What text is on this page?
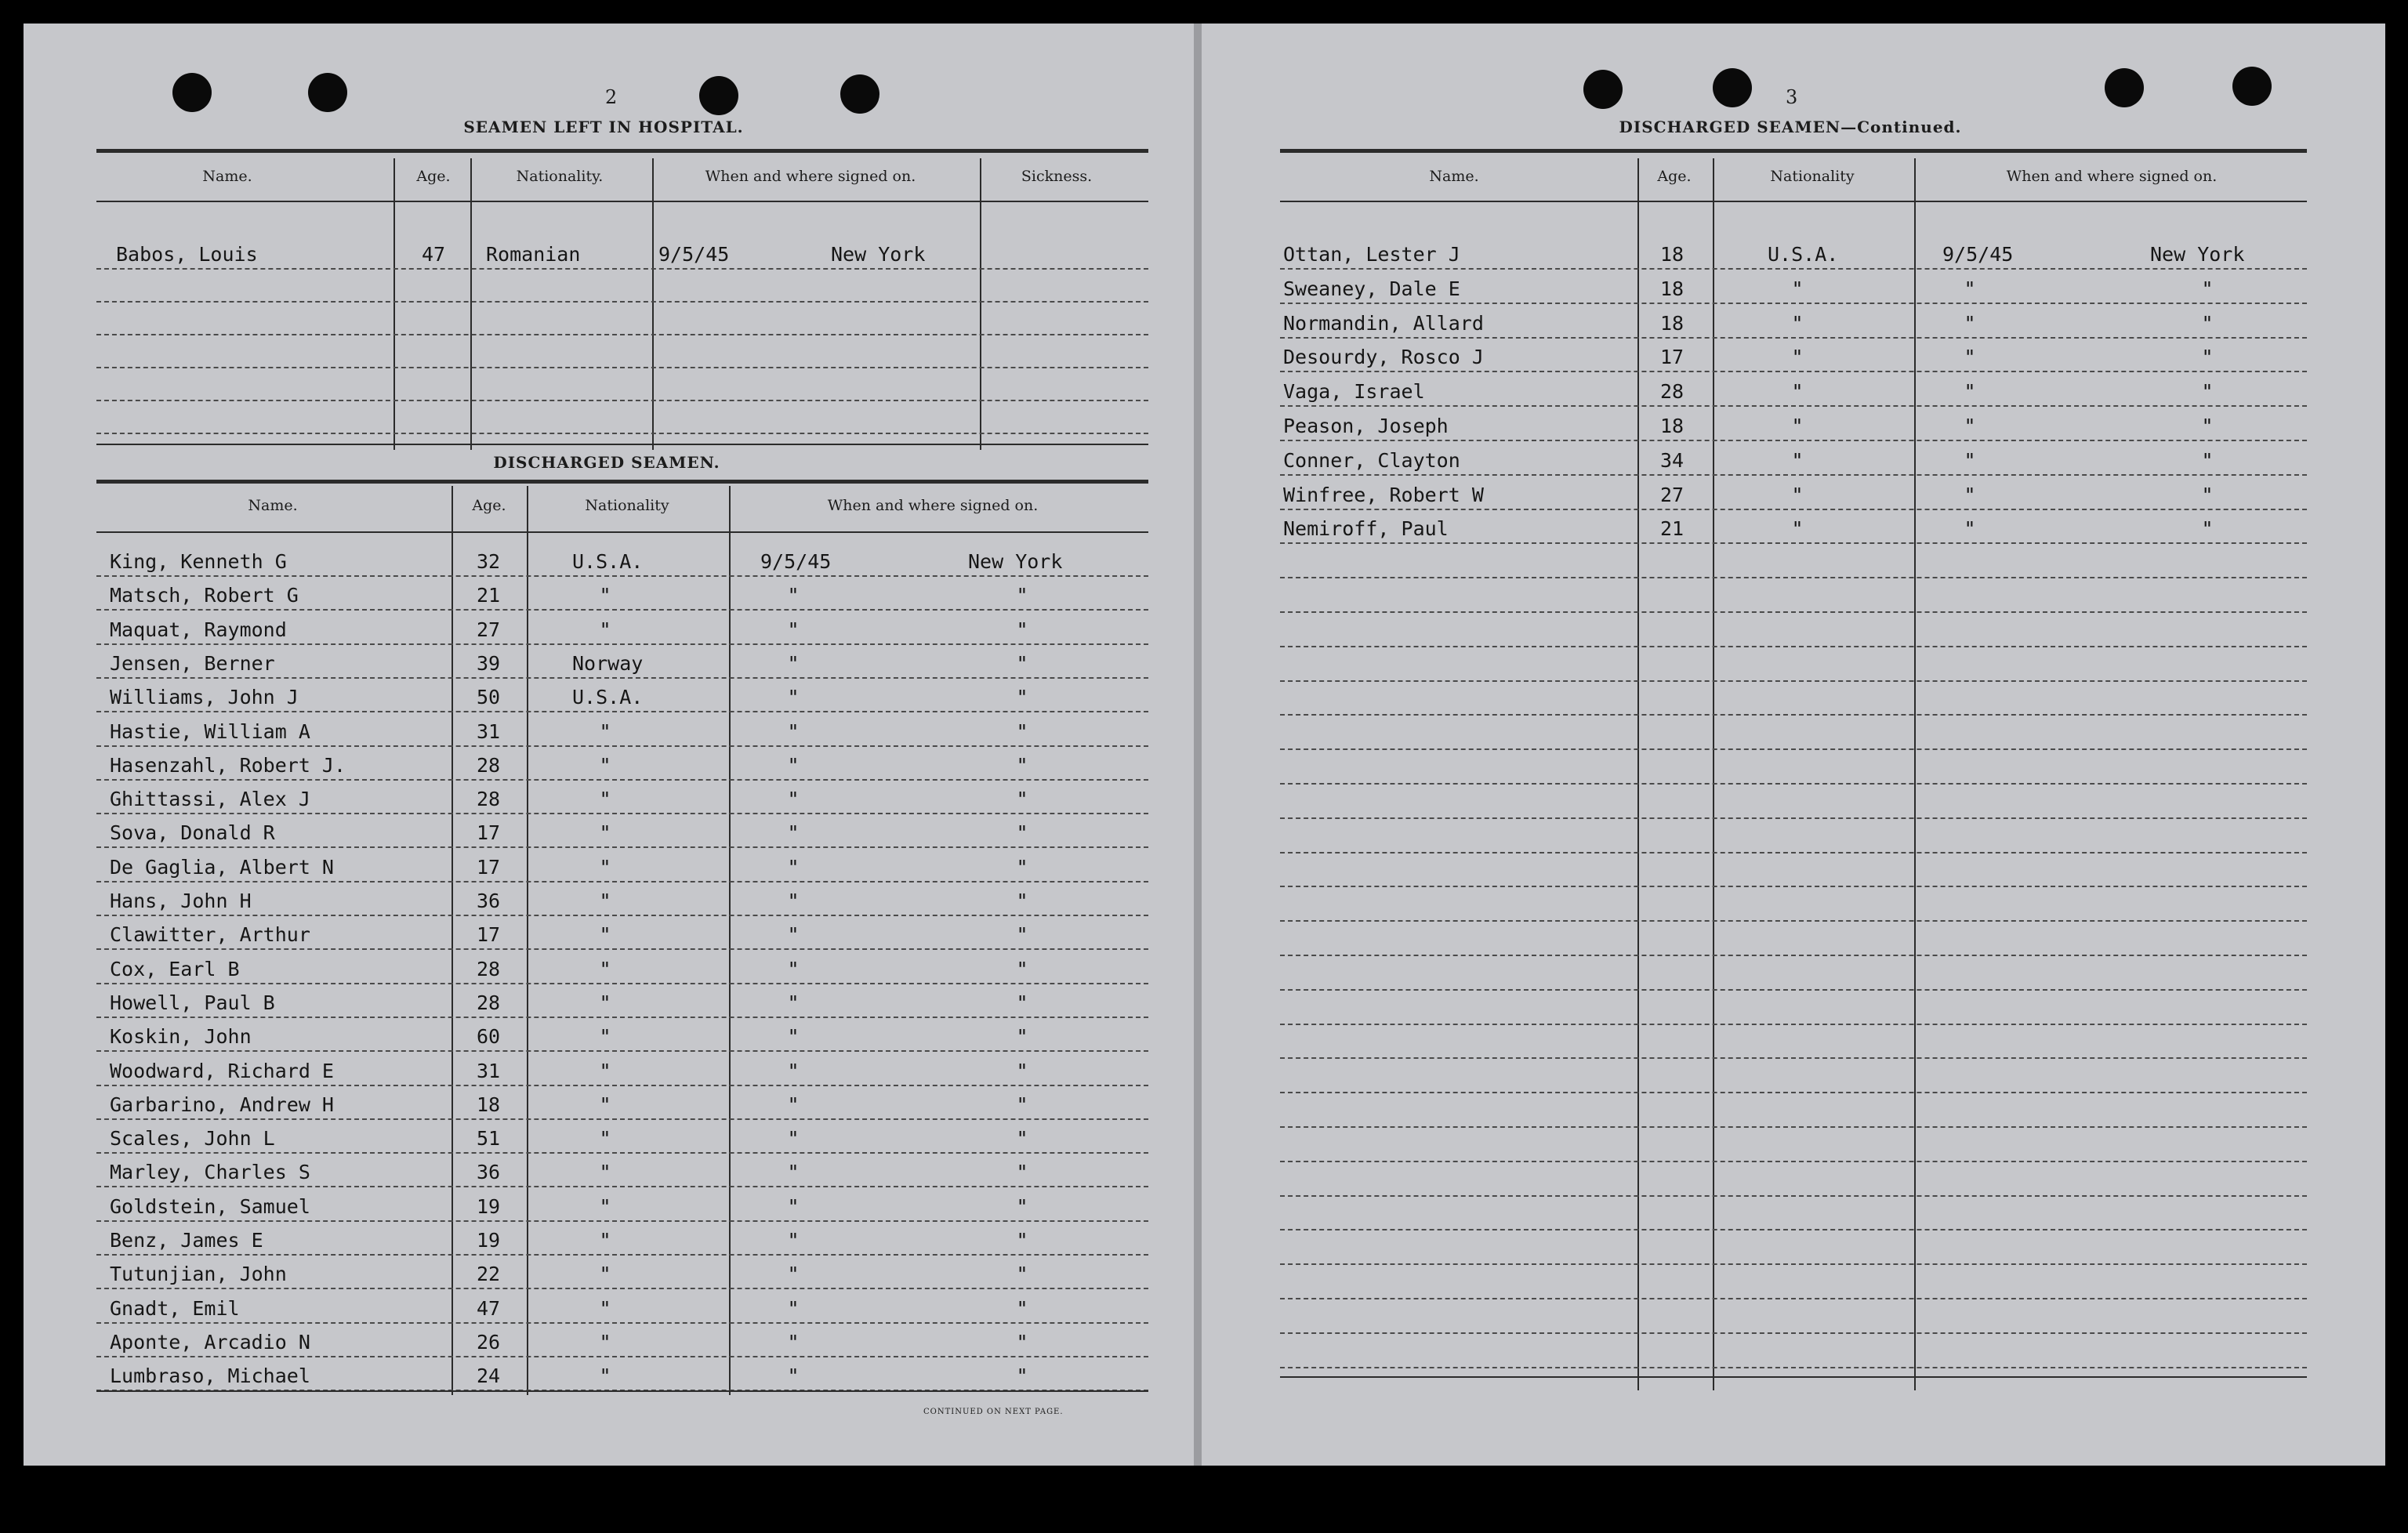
2
SEAMEN LEFT IN HOSPITAL.
Name.	Age.	Nationality.	When and where signed on.	Sickness.
Babos, Louis	47 Romanian	9/5/45	New York
DISCHARGED SEAMEN.
Name.	Age.	Nationality	When and where signed on.
King, Kenneth G	32	U.S.A.	9/5/45	New York
Matsch, Robert G	21	"	"	"
Maquat, Raymond	27	"	"	"
Jensen, Berner	39	Norway	"	"
Williams, John J	50	U.S.A.	"	"
Hastie, William A	31	"	"	"
Hasenzahl, Robert J.	28	"	"	"
Ghittassi, Alex J	28	"	"	"
Sova, Donald R	17	"	"	"
De Gaglia, Albert N	17	"	"	"
Hans, John H	36	"	"	"
Clawitter, Arthur	17	"	"	"
Cox, Earl B	28	"	"	"
Howell, Paul B	28	"	"	"
Koskin, John	60	"	"	"
Woodward, Richard E	31	"	"	"
Garbarino, Andrew H	18	"	"	"
Scales, John L	51	"	"	"
Marley, Charles S	36	"	"	"
Goldstein, Samuel	19	"	"	"
Benz, James E	19	"	"	"
Tutunjian, John	22	"	"	"
Gnadt, Emil	47	"	"	"
Aponte, Arcadio N	26	"	"	"
Lumbraso, Michael	24	"	"	"
CONTINUED ON NEXT PAGE.
3
DISCHARGED SEAMEN—Continued.
Name.	Age.	Nationality	When and where signed on.
Ottan, Lester J	18	U.S.A.	9/5/45	New York
Sweaney, Dale E	18	"	"	"
Normandin, Allard	18	"	"	"
Desourdy, Rosco J	17	"	"	"
Vaga, Israel	28	"	"	"
Peason, Joseph	18	"	"	"
Conner, Clayton	34	"	"	"
Winfree, Robert W	27	"	"	"
Nemiroff, Paul	21	"	"	"
